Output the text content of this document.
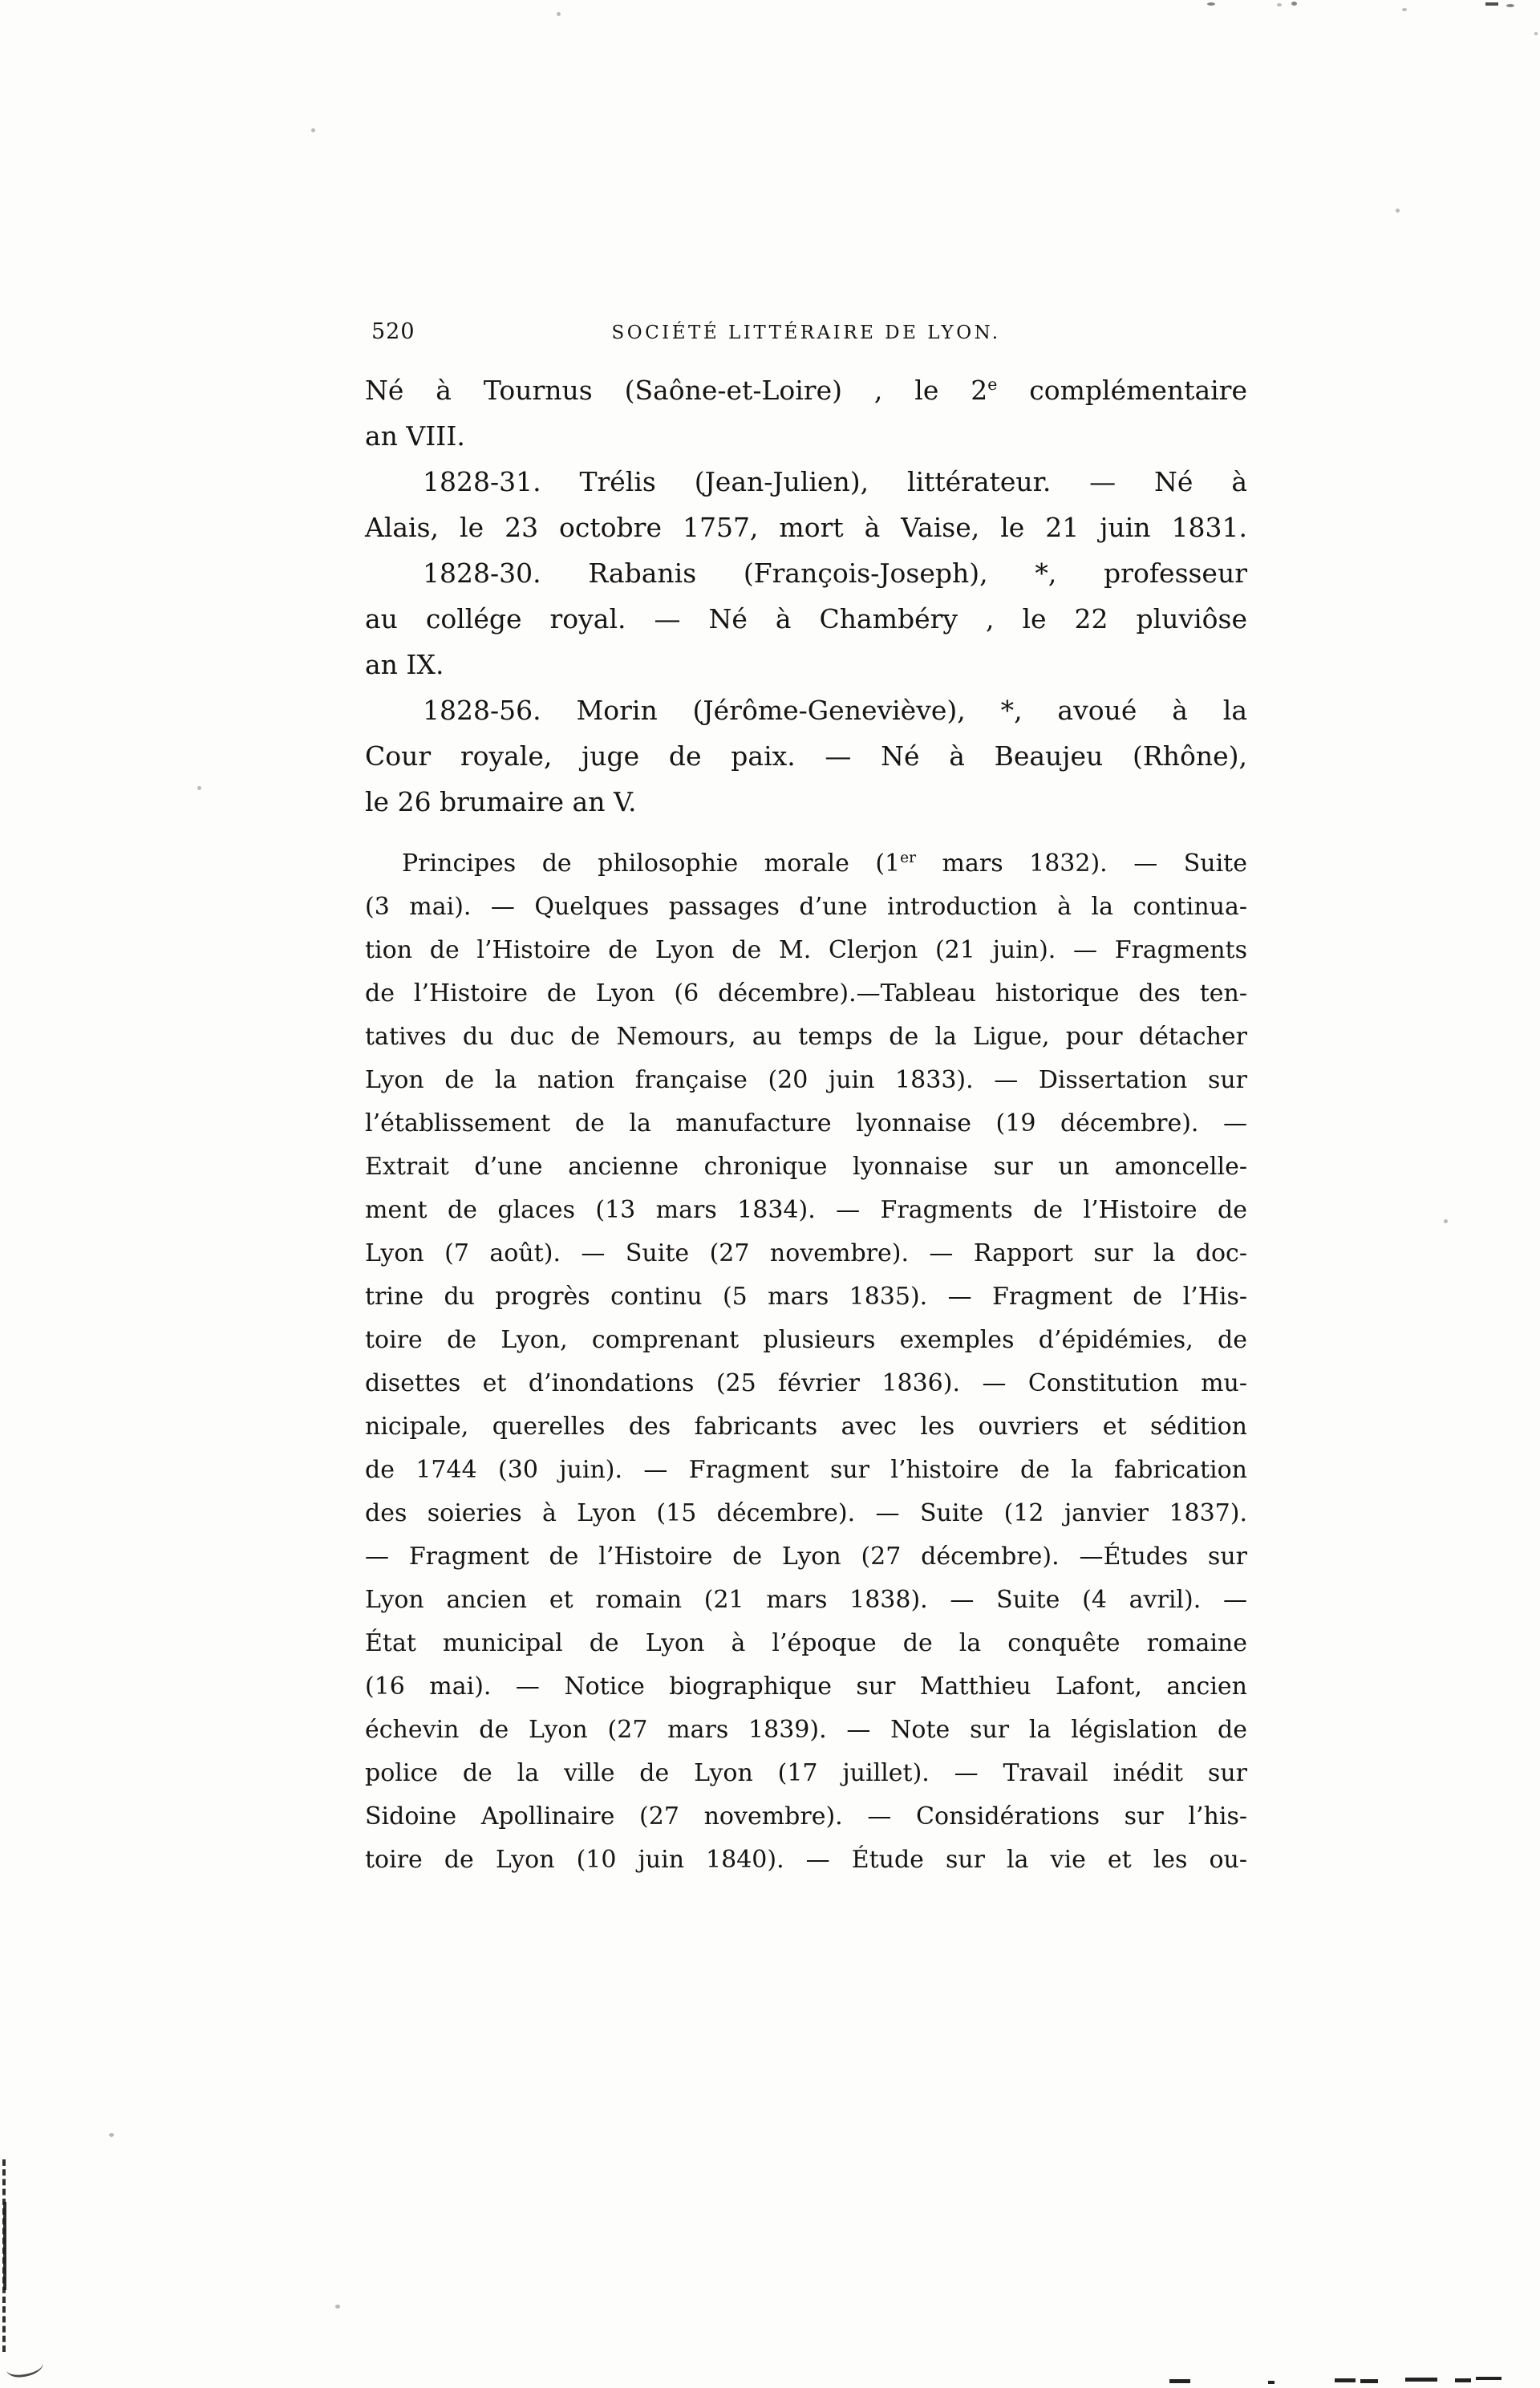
520	SOCIÉTÉ LITTÉRAIRE DE LYON.
Né à Tournus (Saône-et-Loire) , le 2e complémentaire
an VIII.
1828-31. Trélis (Jean-Julien), littérateur. — Né à
Alais, le 23 octobre 1757, mort à Vaise, le 21 juin 1831.
1828-30. Rabanis (François-Joseph), *, professeur
au collége royal. — Né à Chambéry , le 22 pluviôse
an IX.
1828-56. Morin (Jérôme-Geneviève), *, avoué à la
Cour royale, juge de paix. — Né à Beaujeu (Rhône),
le 26 brumaire an V.
Principes de philosophie morale (1er mars 1832). — Suite
(3 mai). — Quelques passages d’une introduction à la continua-
tion de l’Histoire de Lyon de M. Clerjon (21 juin). — Fragments
de l’Histoire de Lyon (6 décembre).—Tableau historique des ten-
tatives du duc de Nemours, au temps de la Ligue, pour détacher
Lyon de la nation française (20 juin 1833). — Dissertation sur
l’établissement de la manufacture lyonnaise (19 décembre). —
Extrait d’une ancienne chronique lyonnaise sur un amoncelle-
ment de glaces (13 mars 1834). — Fragments de l’Histoire de
Lyon (7 août). — Suite (27 novembre). — Rapport sur la doc-
trine du progrès continu (5 mars 1835). — Fragment de l’His-
toire de Lyon, comprenant plusieurs exemples d’épidémies, de
disettes et d’inondations (25 février 1836). — Constitution mu-
nicipale, querelles des fabricants avec les ouvriers et sédition
de 1744 (30 juin). — Fragment sur l’histoire de la fabrication
des soieries à Lyon (15 décembre). — Suite (12 janvier 1837).
— Fragment de l’Histoire de Lyon (27 décembre). —Études sur
Lyon ancien et romain (21 mars 1838). — Suite (4 avril). —
État municipal de Lyon à l’époque de la conquête romaine
(16 mai). — Notice biographique sur Matthieu Lafont, ancien
échevin de Lyon (27 mars 1839). — Note sur la législation de
police de la ville de Lyon (17 juillet). — Travail inédit sur
Sidoine Apollinaire (27 novembre). — Considérations sur l’his-
toire de Lyon (10 juin 1840). — Étude sur la vie et les ou-
